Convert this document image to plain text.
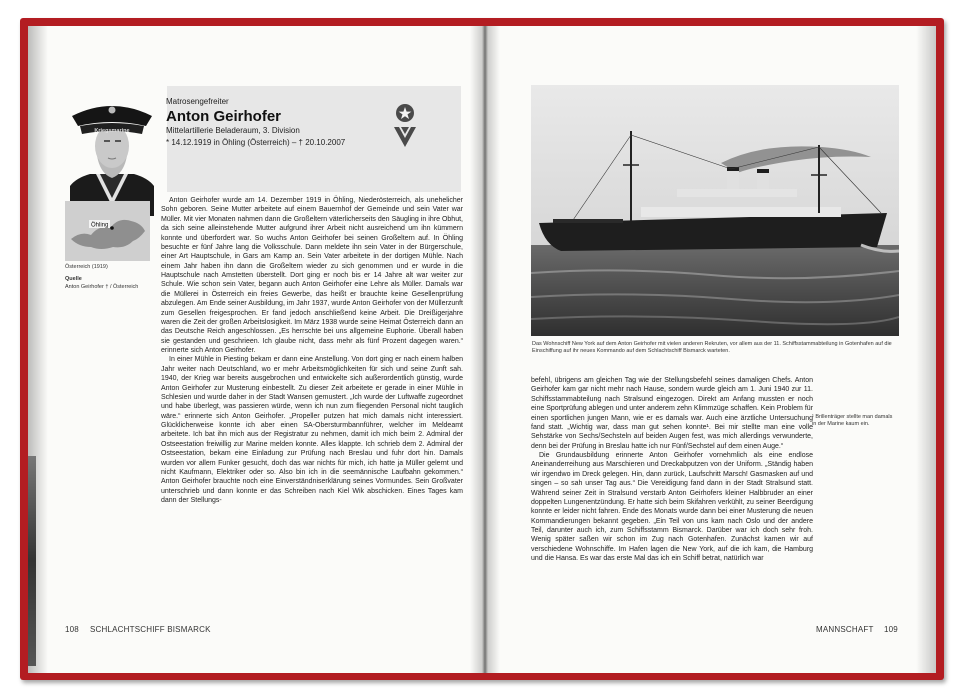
Kriegsmarine
Matrosengefreiter
Anton Geirhofer
Mittelartillerie Beladeraum, 3. Division
* 14.12.1919 in Öhling (Österreich) – † 20.10.2007
Öhling
Österreich (1919)
Quelle
Anton Geirhofer † / Österreich

Anton Geirhofer wurde am 14. Dezember 1919 in Öhling, Niederösterreich, als unehelicher Sohn geboren. Seine Mutter arbeitete auf einem Bauernhof der Gemeinde und sein Vater war Müller. Mit vier Monaten nahmen dann die Großeltern väterlicherseits den Säugling in ihre Obhut, da sich seine alleinstehende Mutter aufgrund ihrer Arbeit nicht ausreichend um ihn kümmern konnte und überfordert war. So wuchs Anton Geirhofer bei seinen Großeltern auf. In Öhling besuchte er fünf Jahre lang die Volksschule. Dann meldete ihn sein Vater in der Bürgerschule, einer Art Hauptschule, in Gars am Kamp an. Sein Vater arbeitete in der dortigen Mühle. Nach einem Jahr haben ihn dann die Großeltern wieder zu sich genommen und er wurde in die Hauptschule nach Amstetten überstellt. Dort ging er noch bis er 14 Jahre alt war weiter zur Schule. Wie schon sein Vater, begann auch Anton Geirhofer eine Lehre als Müller. Damals war die Müllerei in Österreich ein freies Gewerbe, das heißt er brauchte keine Gesellenprüfung abzulegen. Am Ende seiner Ausbildung, im Jahr 1937, wurde Anton Geirhofer von der Müllerzunft zum Gesellen freigesprochen. Er fand jedoch anschließend keine Arbeit. Die Dreißigerjahre waren die Zeit der großen Arbeitslosigkeit. Im März 1938 wurde seine Heimat Österreich dann an das Deutsche Reich angeschlossen. „Es herrschte bei uns allgemeine Euphorie. Überall haben sie gestanden und geschrieen. Ich glaube nicht, dass mehr als fünf Prozent dagegen waren.“ erinnerte sich Anton Geirhofer.

In einer Mühle in Piesting bekam er dann eine Anstellung. Von dort ging er nach einem halben Jahr weiter nach Deutschland, wo er mehr Arbeitsmöglichkeiten für sich und seine Zunft sah. 1940, der Krieg war bereits ausgebrochen und entwickelte sich außerordentlich günstig, wurde Anton Geirhofer zur Musterung einbestellt. Zu dieser Zeit arbeitete er gerade in einer Mühle in Schlesien und wurde daher in der Stadt Wansen gemustert. „Ich wurde der Luftwaffe zugeordnet und habe überlegt, was passieren würde, wenn ich nun zum fliegenden Personal nicht tauglich wäre.“ erinnerte sich Anton Geirhofer. „Propeller putzen hat mich damals nicht interessiert. Glücklicherweise konnte ich aber einen SA-Obersturmbannführer, welcher im Meldeamt arbeitete. Ich bat ihn mich aus der Registratur zu nehmen, damit ich mich beim 2. Admiral der Ostseestation freiwillig zur Marine melden konnte. Alles klappte. Ich schrieb dem 2. Admiral der Ostseestation, bekam eine Einladung zur Prüfung nach Breslau und fuhr dort hin. Damals wurden vor allem Funker gesucht, doch das war nichts für mich, ich hatte ja Müller gelernt und nicht Kaufmann, Elektriker oder so. Also bin ich in die seemännische Laufbahn gekommen.“ Anton Geirhofer brauchte noch eine Einverständniserklärung seines Vormundes. Sein Großvater unterschrieb und dann konnte er das Schreiben nach Kiel Wik abschicken. Eines Tages kam dann der Stellungs-

108 SCHLACHTSCHIFF BISMARCK
Das Wohnschiff New York auf dem Anton Geirhofer mit vielen anderen Rekruten, vor allem aus der 11. Schiffsstammabteilung in Gotenhafen auf die Einschiffung auf ihr neues Kommando auf dem Schlachtschiff Bismarck warteten.

befehl, übrigens am gleichen Tag wie der Stellungsbefehl seines damaligen Chefs. Anton Geirhofer kam gar nicht mehr nach Hause, sondern wurde gleich am 1. Juni 1940 zur 11. Schiffsstammabteilung nach Stralsund eingezogen. Direkt am Anfang mussten er noch eine Sportprüfung ablegen und unter anderem zehn Klimmzüge schaffen. Kein Problem für einen sportlichen jungen Mann, wie er es damals war. Auch eine ärztliche Untersuchung fand statt. „Wichtig war, dass man gut sehen konnte¹. Bei mir stellte man eine volle Sehstärke von Sechs/Sechsteln auf beiden Augen fest, was mich allerdings verwunderte, denn bei der Prüfung in Breslau hatte ich nur Fünf/Sechstel auf dem einen Auge.“

Die Grundausbildung erinnerte Anton Geirhofer vornehmlich als eine endlose Aneinanderreihung aus Marschieren und Dreckabputzen von der Uniform. „Ständig haben wir irgendwo im Dreck gelegen. Hin, dann zurück, Laufschritt Marsch! Gasmasken auf und singen – so sah unser Tag aus.“ Die Vereidigung fand dann in der Stadt Stralsund statt. Während seiner Zeit in Stralsund verstarb Anton Geirhofers kleiner Halbbruder an einer doppelten Lungenentzündung. Er hatte sich beim Skifahren verkühlt, zu seiner Beerdigung konnte er leider nicht fahren. Ende des Monats wurde dann bei einer Musterung die neuen Kommandierungen bekannt gegeben. „Ein Teil von uns kam nach Oslo und der andere Teil, darunter auch ich, zum Schiffsstamm Bismarck. Darüber war ich doch sehr froh. Wenig später saßen wir schon im Zug nach Gotenhafen. Zunächst kamen wir auf verschiedene Wohnschiffe. Im Hafen lagen die New York, auf die ich kam, die Hamburg und die Hansa. Es war das erste Mal das ich ein Schiff betrat, natürlich war

¹ Brillenträger stellte man damals in der Marine kaum ein.
MANNSCHAFT 109
